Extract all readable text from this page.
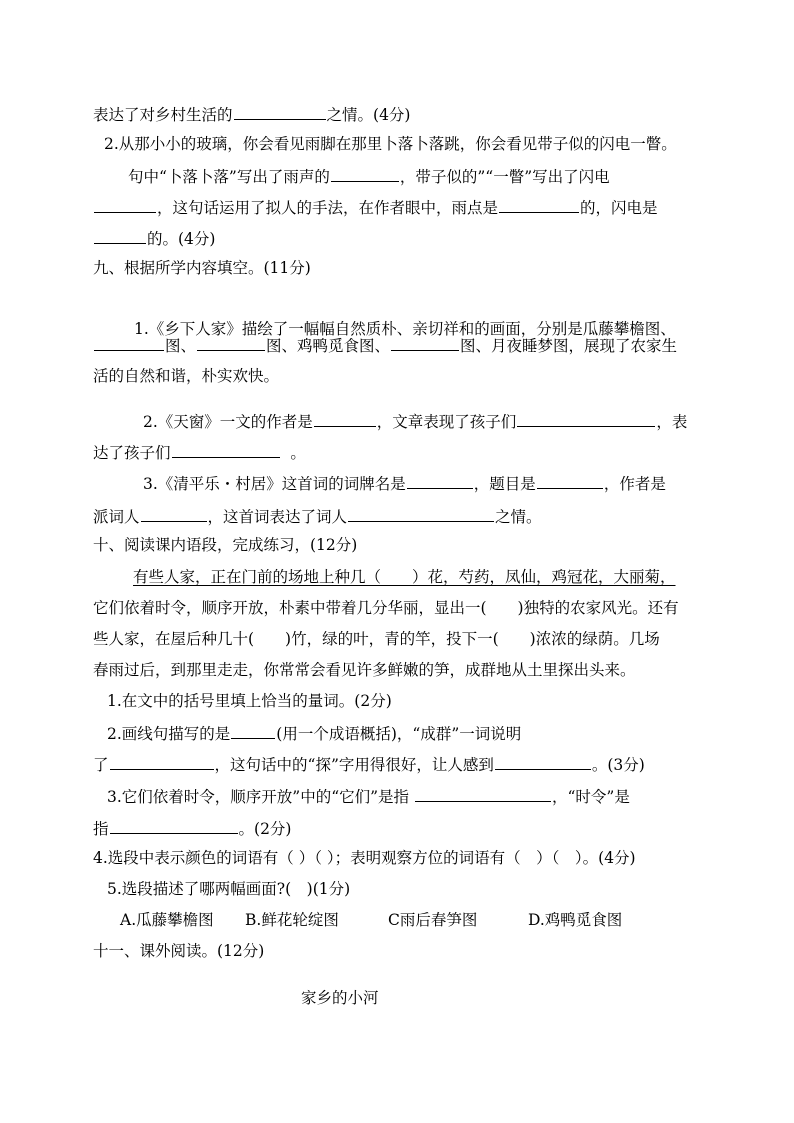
表达了对乡村生活的	之情。(4分)
2.从那小小的玻璃，你会看见雨脚在那里卜落卜落跳，你会看见带子似的闪电一瞥。
句中“卜落卜落”写出了雨声的	，带子似的”“一瞥”写出了闪电
，这句话运用了拟人的手法，在作者眼中，雨点是	的，闪电是
的。(4分)
九、根据所学内容填空。(11分)
1.《乡下人家》描绘了一幅幅自然质朴、亲切祥和的画面，分别是瓜藤攀檐图、
图、	图、鸡鸭觅食图、	图、月夜睡梦图，展现了农家生
活的自然和谐，朴实欢快。
2.《天窗》一文的作者是	，文章表现了孩子们	，表
达了孩子们	。
3.《清平乐・村居》这首词的词牌名是	，题目是	，作者是
派词人	，这首词表达了词人	之情。
十、阅读课内语段，完成练习，(12分)
有些人家，正在门前的场地上种几（　　）花，芍药，凤仙，鸡冠花，大丽菊，
它们依着时令，顺序开放，朴素中带着几分华丽，显出一(　　)独特的农家风光。还有
些人家，在屋后种几十(　　)竹，绿的叶，青的竿，投下一(　　)浓浓的绿荫。几场
春雨过后，到那里走走，你常常会看见许多鲜嫩的笋，成群地从土里探出头来。
1.在文中的括号里填上恰当的量词。(2分)
2.画线句描写的是	(用一个成语概括)，“成群”一词说明
了	，这句话中的“探”字用得很好，让人感到	。(3分)
3.它们依着时令，顺序开放”中的“它们”是指	，“时令”是
指	。(2分)
4.选段中表示颜色的词语有（ ）（ ）；表明观察方位的词语有（　）（　）。(4分)
5.选段描述了哪两幅画面?(　)(1分)
A.瓜藤攀檐图 B.鲜花轮绽图	C雨后春笋图	D.鸡鸭觅食图
十一、课外阅读。(12分)
家乡的小河
